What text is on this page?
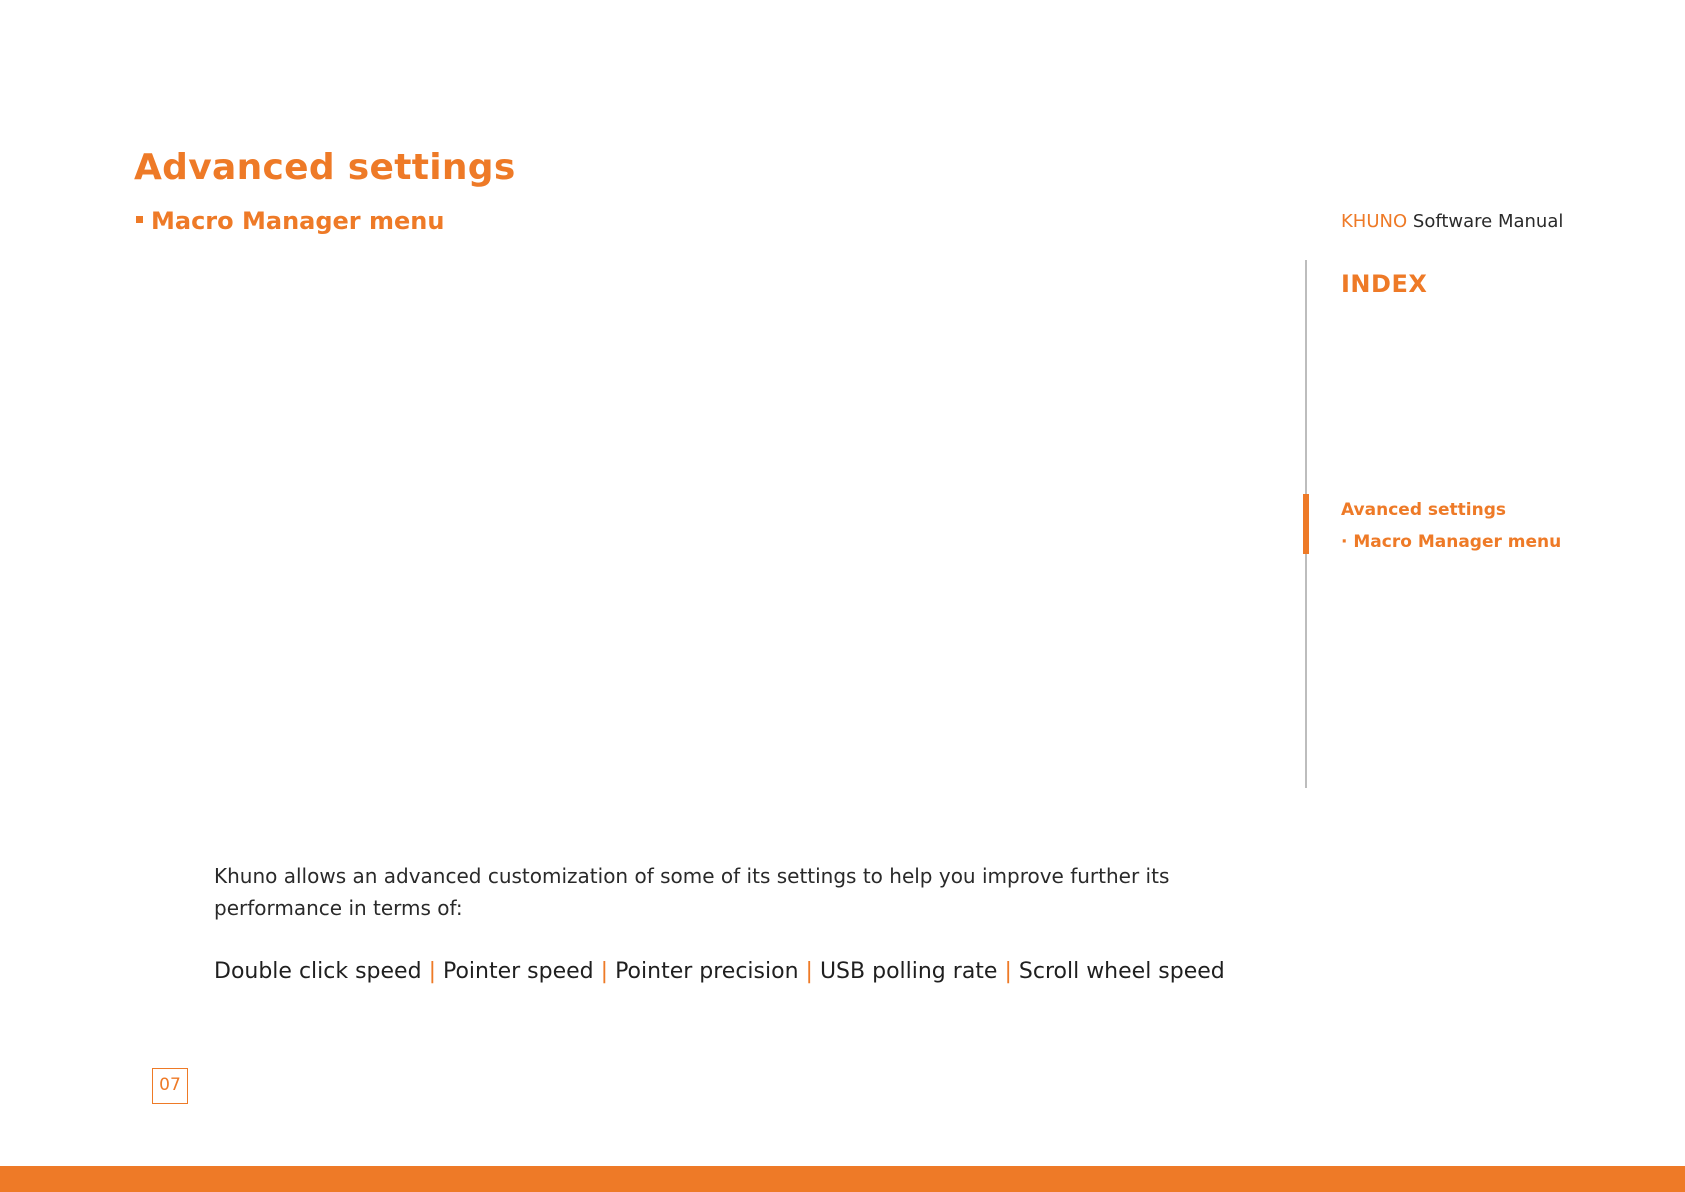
Advanced settings
Macro Manager menu	KHUNO Software Manual
INDEX
Avanced settings
· Macro Manager menu

Khuno allows an advanced customization of some of its settings to help you improve further its performance in terms of:

Double click speed | Pointer speed | Pointer precision | USB polling rate | Scroll wheel speed

07
